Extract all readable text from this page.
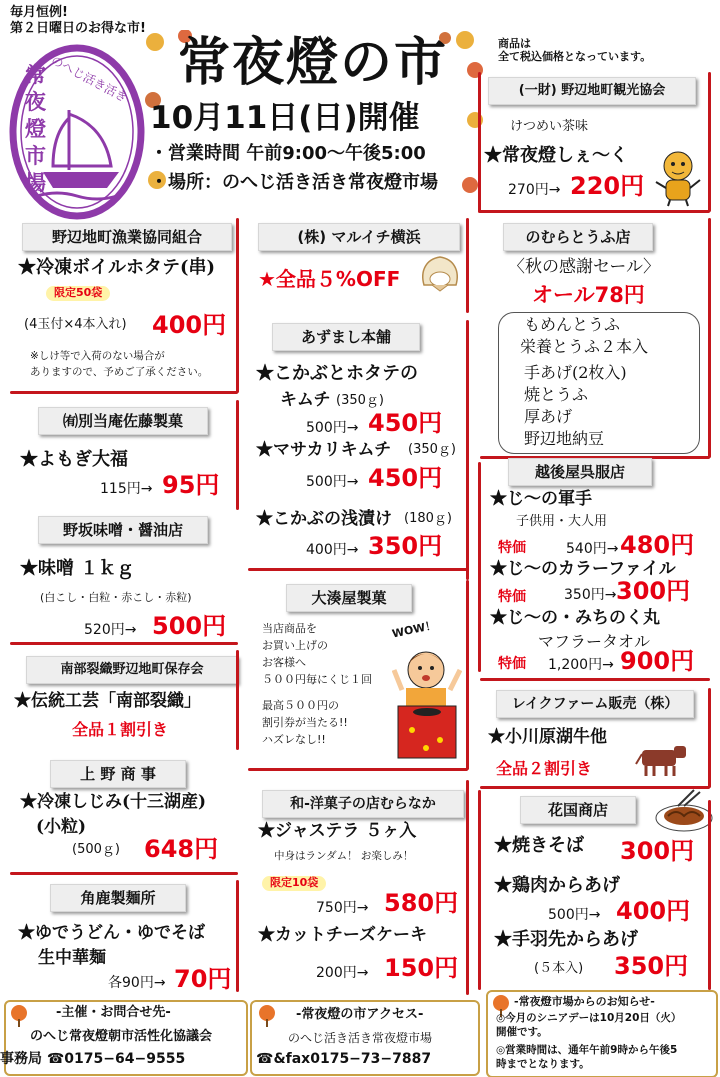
毎月恒例!
第２日曜日のお得な市!
常夜燈市場
のへじ活き活き 常夜燈の市
10月11日(日)開催
・営業時間 午前9:00〜午後5:00
・場所：のへじ活き活き常夜燈市場
商品は
全て税込価格となっています。
野辺地町漁業協同組合
★冷凍ボイルホタテ(串)
限定50袋
(4玉付×4本入れ) 400円
※しけ等で入荷のない場合が
ありますので、予めご了承ください。
㈲別当庵佐藤製菓
★よもぎ大福
115円→ 95円
野坂味噌・醤油店
★味噌 １ｋｇ
(白こし・白粒・赤こし・赤粒)
520円→ 500円
南部裂織野辺地町保存会
★伝統工芸「南部裂織」
全品１割引き
上 野 商 事
★冷凍しじみ(十三湖産)
(小粒)
(500ｇ) 648円
角鹿製麺所
★ゆでうどん・ゆでそば
生中華麺
各90円→ 70円
(株) マルイチ横浜
★全品５%OFF
あずまし本舗
★こかぶとホタテの
キムチ (350ｇ)
500円→ 450円
★マサカリキムチ (350ｇ)
500円→ 450円
★こかぶの浅漬け (180ｇ)
400円→ 350円
大湊屋製菓
当店商品を
お買い上げの
お客様へ
５００円毎にくじ１回
最高５００円の
割引券が当たる!!
ハズレなし!!
WOW！
和-洋菓子の店むらなか
★ジャステラ ５ヶ入
中身はランダム！ お楽しみ！
限定10袋
750円→ 580円
★カットチーズケーキ
200円→ 150円
(一財) 野辺地町観光協会
けつめい茶味
★常夜燈しぇ〜く
270円→ 220円
のむらとうふ店
〈秋の感謝セール〉
オール78円
もめんとうふ
栄養とうふ２本入
手あげ(2枚入)
焼とうふ
厚あげ
野辺地納豆
越後屋呉服店
★じ〜の軍手
子供用・大人用
特価	540円→ 480円
★じ〜のカラーファイル
特価	350円→ 300円
★じ〜の・みちのく丸
マフラータオル
特価 1,200円→ 900円
レイクファーム販売（株）
★小川原湖牛他
全品２割引き
花国商店
★焼きそば 300円
★鶏肉からあげ
500円→ 400円
★手羽先からあげ
(５本入) 350円
-主催・お問合せ先-
のへじ常夜燈朝市活性化協議会
事務局 ☎0175−64−9555
-常夜燈の市アクセス-
のへじ活き活き常夜燈市場
☎&fax0175−73−7887
-常夜燈市場からのお知らせ-
◎今月のシニアデーは10月20日（火）
開催です。
◎営業時間は、通年午前9時から午後5
時までとなります。
